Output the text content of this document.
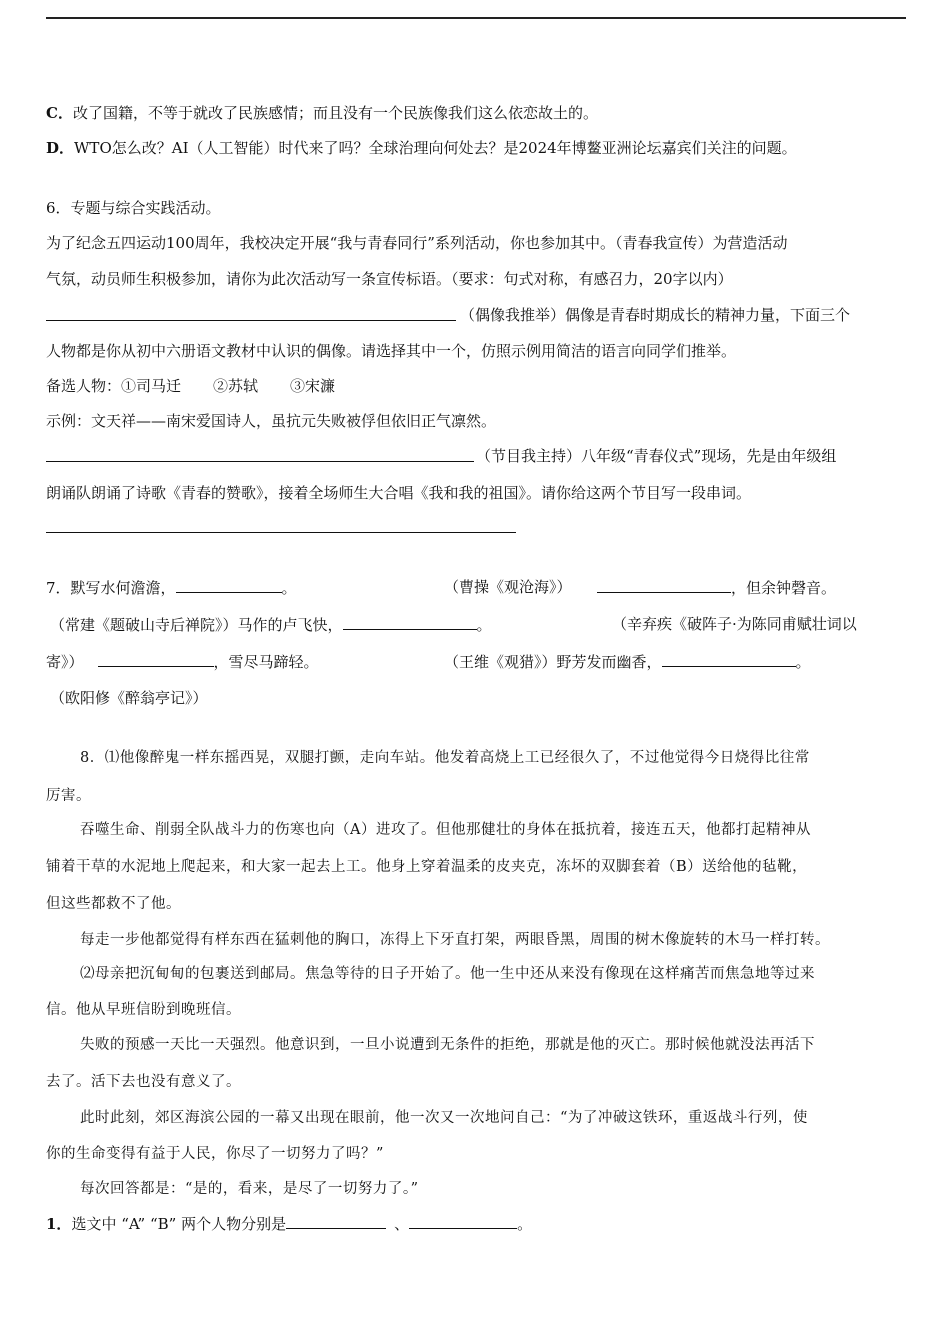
C．改了国籍，不等于就改了民族感情；而且没有一个民族像我们这么依恋故土的。
D．WTO怎么改？AI（人工智能）时代来了吗？全球治理向何处去？是2024年博鳌亚洲论坛嘉宾们关注的问题。
6．专题与综合实践活动。
为了纪念五四运动100周年，我校决定开展“我与青春同行”系列活动，你也参加其中。（青春我宣传）为营造活动
气氛，动员师生积极参加，请你为此次活动写一条宣传标语。（要求：句式对称，有感召力，20字以内）
（偶像我推举）偶像是青春时期成长的精神力量，下面三个
人物都是你从初中六册语文教材中认识的偶像。请选择其中一个，仿照示例用简洁的语言向同学们推举。
备选人物：①司马迁 ②苏轼 ③宋濂
示例：文天祥——南宋爱国诗人，虽抗元失败被俘但依旧正气凛然。
（节目我主持）八年级“青春仪式”现场，先是由年级组
朗诵队朗诵了诗歌《青春的赞歌》，接着全场师生大合唱《我和我的祖国》。请你给这两个节目写一段串词。
7．默写水何澹澹，	。	（曹操《观沧海》）	，但余钟磬音。
（常建《题破山寺后禅院》）马作的卢飞快，	。	（辛弃疾《破阵子·为陈同甫赋壮词以
寄》）	，雪尽马蹄轻。	（王维《观猎》）野芳发而幽香，	。
（欧阳修《醉翁亭记》）
8．⑴他像醉鬼一样东摇西晃，双腿打颤，走向车站。他发着高烧上工已经很久了，不过他觉得今日烧得比往常
厉害。
吞噬生命、削弱全队战斗力的伤寒也向（A）进攻了。但他那健壮的身体在抵抗着，接连五天，他都打起精神从
铺着干草的水泥地上爬起来，和大家一起去上工。他身上穿着温柔的皮夹克，冻坏的双脚套着（B）送给他的毡靴，
但这些都救不了他。
每走一步他都觉得有样东西在猛刺他的胸口，冻得上下牙直打架，两眼昏黑，周围的树木像旋转的木马一样打转。
⑵母亲把沉甸甸的包裹送到邮局。焦急等待的日子开始了。他一生中还从来没有像现在这样痛苦而焦急地等过来
信。他从早班信盼到晚班信。
失败的预感一天比一天强烈。他意识到，一旦小说遭到无条件的拒绝，那就是他的灭亡。那时候他就没法再活下
去了。活下去也没有意义了。
此时此刻，郊区海滨公园的一幕又出现在眼前，他一次又一次地问自己：“为了冲破这铁环，重返战斗行列，使
你的生命变得有益于人民，你尽了一切努力了吗？”
每次回答都是：“是的，看来，是尽了一切努力了。”
1．选文中 “A” “B” 两个人物分别是	、	。
